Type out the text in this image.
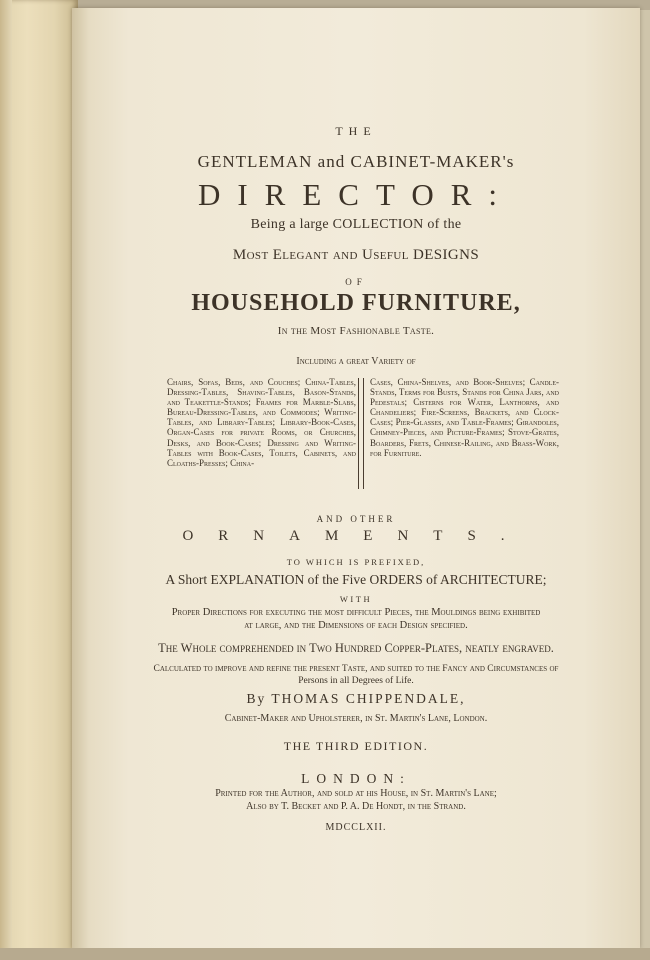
THE
GENTLEMAN and CABINET-MAKER's
DIRECTOR:
Being a large COLLECTION of the
Most Elegant and Useful DESIGNS
OF
HOUSEHOLD FURNITURE,
In the Most Fashionable Taste.
Including a great Variety of
Chairs, Sofas, Beds, and Couches; China-Tables, Dressing-Tables, Shaving-Tables, Bason-Stands, and Teakettle-Stands; Frames for Marble-Slabs, Bureau-Dressing-Tables, and Commodes; Writing-Tables, and Library-Tables; Library-Book-Cases, Organ-Cases for private Rooms, or Churches, Desks, and Book-Cases; Dressing and Writing-Tables with Book-Cases, Toilets, Cabinets, and Cloaths-Presses; China-
Cases, China-Shelves, and Book-Shelves; Candle-Stands, Terms for Busts, Stands for China Jars, and Pedestals; Cisterns for Water, Lanthorns, and Chandeliers; Fire-Screens, Brackets, and Clock-Cases; Pier-Glasses, and Table-Frames; Girandoles, Chimney-Pieces, and Picture-Frames; Stove-Grates, Boarders, Frets, Chinese-Railing, and Brass-Work, for Furniture.
AND OTHER
ORNAMENTS.
TO WHICH IS PREFIXED,
A Short EXPLANATION of the Five ORDERS of ARCHITECTURE;
WITH
Proper Directions for executing the most difficult Pieces, the Mouldings being exhibited
at large, and the Dimensions of each Design specified.
The Whole comprehended in Two Hundred Copper-Plates, neatly engraved.
Calculated to improve and refine the present Taste, and suited to the Fancy and Circumstances of
Persons in all Degrees of Life.
By THOMAS CHIPPENDALE,
Cabinet-Maker and Upholsterer, in St. Martin's Lane, London.
THE THIRD EDITION.
LONDON:
Printed for the Author, and sold at his House, in St. Martin's Lane;
Also by T. Becket and P. A. De Hondt, in the Strand.
MDCCLXII.
